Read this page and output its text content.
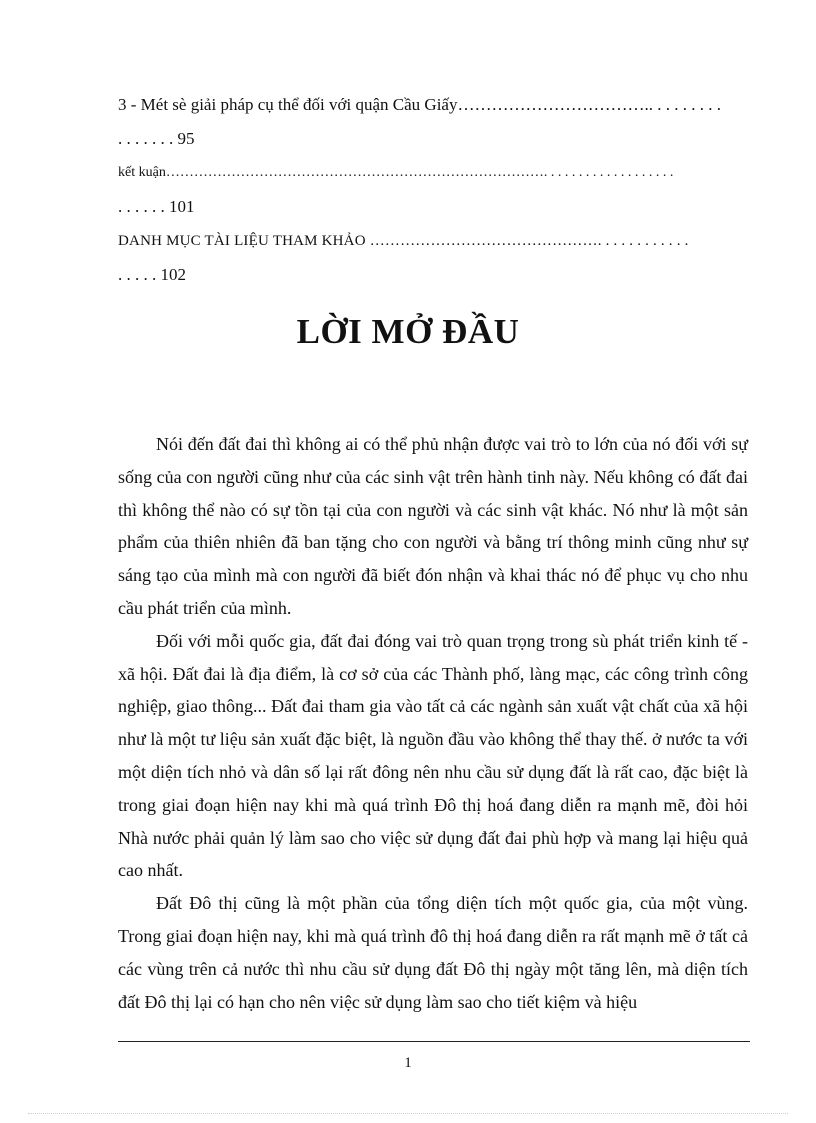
3 - Mét sè giải pháp cụ thể đối với quận Cầu Giấy…………………………….. . . . . . . . .
. . . . . . . 95
kết kuận………………………………………………………………………. . . . . . . . . . . . . . . . . . .
. . . . . . 101
DANH MỤC TÀI LIỆU THAM KHẢO ………………………………………. . . . . . . . . . . .
. . . . . 102
LỜI MỞ ĐẦU

Nói đến đất đai thì không ai có thể phủ nhận được vai trò to lớn của nó đối với sự sống của con người cũng như của các sinh vật trên hành tinh này. Nếu không có đất đai thì không thể nào có sự tồn tại của con người và các sinh vật khác. Nó như là một sản phẩm của thiên nhiên đã ban tặng cho con người và bằng trí thông minh cũng như sự sáng tạo của mình mà con người đã biết đón nhận và khai thác nó để phục vụ cho nhu cầu phát triển của mình.

Đối với mỗi quốc gia, đất đai đóng vai trò quan trọng trong sù phát triển kinh tế - xã hội. Đất đai là địa điểm, là cơ sở của các Thành phố, làng mạc, các công trình công nghiệp, giao thông... Đất đai tham gia vào tất cả các ngành sản xuất vật chất của xã hội như là một tư liệu sản xuất đặc biệt, là nguồn đầu vào không thể thay thế. ở nước ta với một diện tích nhỏ và dân số lại rất đông nên nhu cầu sử dụng đất là rất cao, đặc biệt là trong giai đoạn hiện nay khi mà quá trình Đô thị hoá đang diễn ra mạnh mẽ, đòi hỏi Nhà nước phải quản lý làm sao cho việc sử dụng đất đai phù hợp và mang lại hiệu quả cao nhất.

Đất Đô thị cũng là một phần của tổng diện tích một quốc gia, của một vùng. Trong giai đoạn hiện nay, khi mà quá trình đô thị hoá đang diễn ra rất mạnh mẽ ở tất cả các vùng trên cả nước thì nhu cầu sử dụng đất Đô thị ngày một tăng lên, mà diện tích đất Đô thị lại có hạn cho nên việc sử dụng làm sao cho tiết kiệm và hiệu

1
